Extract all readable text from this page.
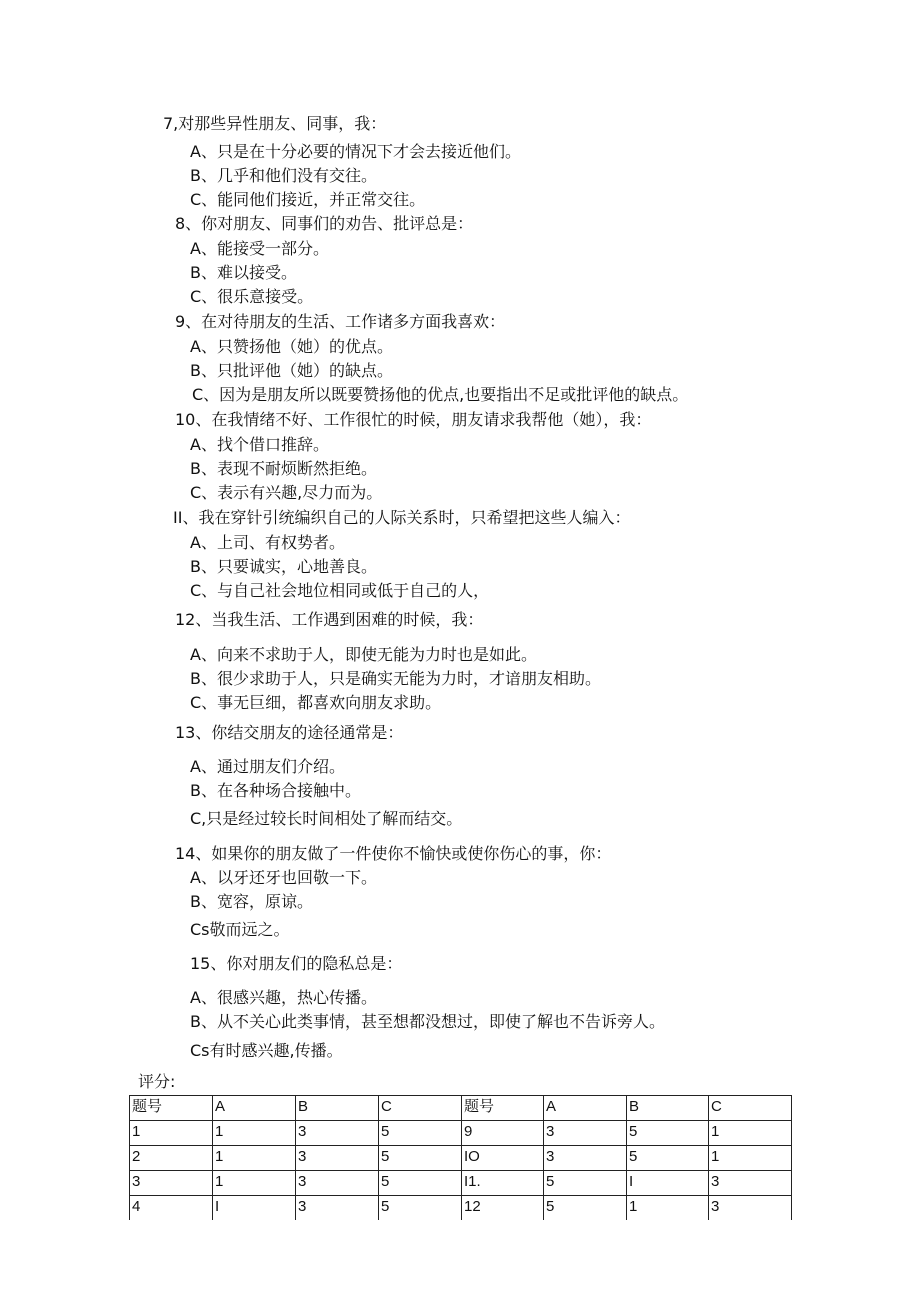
7,对那些异性朋友、同事，我：
A、只是在十分必要的情况下才会去接近他们。
B、几乎和他们没有交往。
C、能同他们接近，并正常交往。
8、你对朋友、同事们的劝告、批评总是：
A、能接受一部分。
B、难以接受。
C、很乐意接受。
9、在对待朋友的生活、工作诸多方面我喜欢：
A、只赞扬他（她）的优点。
B、只批评他（她）的缺点。
C、因为是朋友所以既要赞扬他的优点,也要指出不足或批评他的缺点。
10、在我情绪不好、工作很忙的时候，朋友请求我帮他（她），我：
A、找个借口推辞。
B、表现不耐烦断然拒绝。
C、表示有兴趣,尽力而为。
II、我在穿针引统编织自己的人际关系时，只希望把这些人编入：
A、上司、有权势者。
B、只要诚实，心地善良。
C、与自己社会地位相同或低于自己的人，
12、当我生活、工作遇到困难的时候，我：
A、向来不求助于人，即使无能为力时也是如此。
B、很少求助于人，只是确实无能为力时，才谙朋友相助。
C、事无巨细，都喜欢向朋友求助。
13、你结交朋友的途径通常是：
A、通过朋友们介绍。
B、在各种场合接触中。
C,只是经过较长时间相处了解而结交。
14、如果你的朋友做了一件使你不愉快或使你伤心的事，你：
A、以牙还牙也回敬一下。
B、宽容，原谅。
Cs敬而远之。
15、你对朋友们的隐私总是：
A、很感兴趣，热心传播。
B、从不关心此类事情，甚至想都没想过，即使了解也不告诉旁人。
Cs有时感兴趣,传播。
评分:
题号	A	B	C	题号	A	B	C
1	1	3	5	9	3	5	1
2	1	3	5	IO	3	5	1
3	1	3	5	I1.	5	I	3
4	I	3	5	12	5	1	3
